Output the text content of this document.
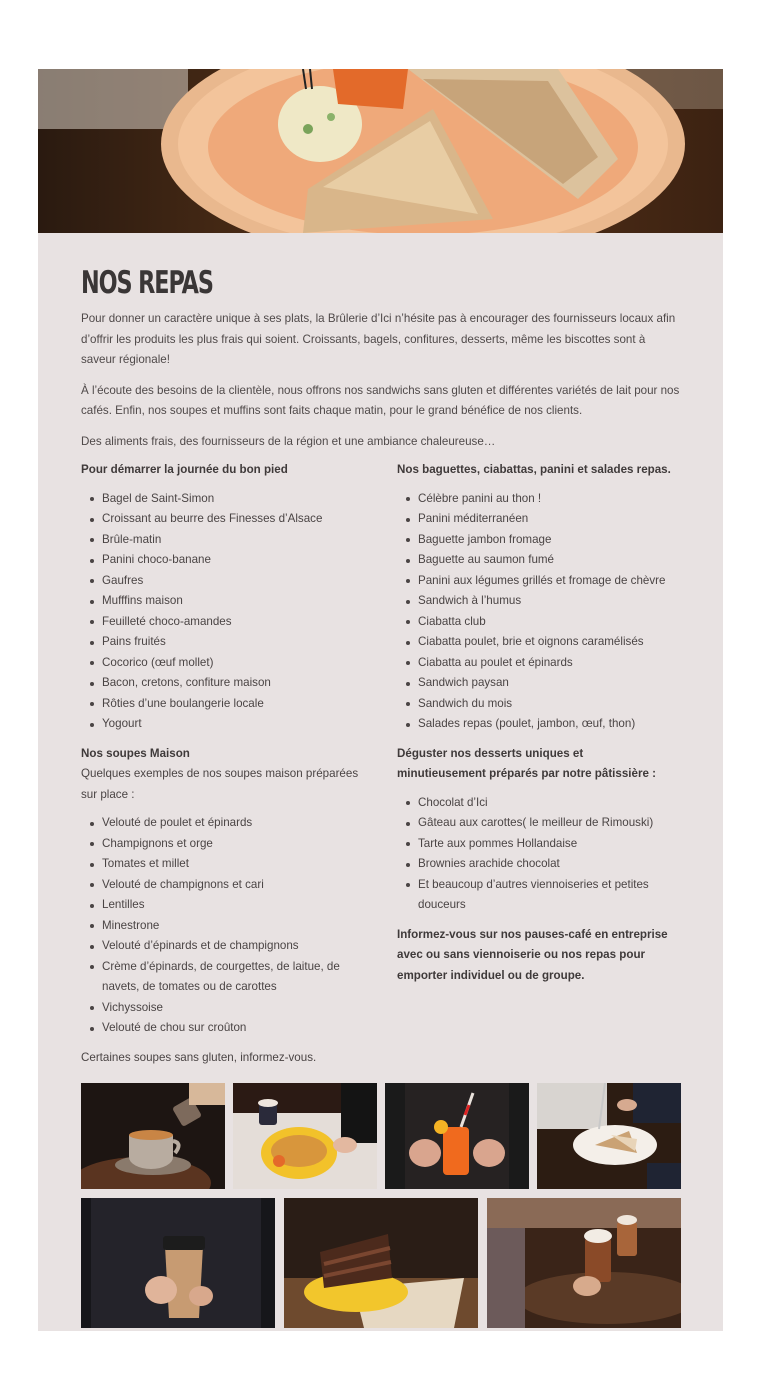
NOS REPAS

Pour donner un caractère unique à ses plats, la Brûlerie d’Ici n’hésite pas à encourager des fournisseurs locaux afin d’offrir les produits les plus frais qui soient. Croissants, bagels, confitures, desserts, même les biscottes sont à saveur régionale!

À l’écoute des besoins de la clientèle, nous offrons nos sandwichs sans gluten et différentes variétés de lait pour nos cafés. Enfin, nos soupes et muffins sont faits chaque matin, pour le grand bénéfice de nos clients.

Des aliments frais, des fournisseurs de la région et une ambiance chaleureuse…

Pour démarrer la journée du bon pied
Bagel de Saint-Simon
Croissant au beurre des Finesses d’Alsace
Brûle-matin
Panini choco-banane
Gaufres
Mufffins maison
Feuilleté choco-amandes
Pains fruités
Cocorico (œuf mollet)
Bacon, cretons, confiture maison
Rôties d’une boulangerie locale
Yogourt
Nos soupes Maison
Quelques exemples de nos soupes maison préparées sur place :
Velouté de poulet et épinards
Champignons et orge
Tomates et millet
Velouté de champignons et cari
Lentilles
Minestrone
Velouté d’épinards et de champignons
Crème d’épinards, de courgettes, de laitue, de navets, de tomates ou de carottes
Vichyssoise
Velouté de chou sur croûton
Certaines soupes sans gluten, informez-vous.
Nos baguettes, ciabattas, panini et salades repas.
Célèbre panini au thon !
Panini méditerranéen
Baguette jambon fromage
Baguette au saumon fumé
Panini aux légumes grillés et fromage de chèvre
Sandwich à l’humus
Ciabatta club
Ciabatta poulet, brie et oignons caramélisés
Ciabatta au poulet et épinards
Sandwich paysan
Sandwich du mois
Salades repas (poulet, jambon, œuf, thon)
Déguster nos desserts uniques et minutieusement préparés par notre pâtissière :
Chocolat d’Ici
Gâteau aux carottes( le meilleur de Rimouski)
Tarte aux pommes Hollandaise
Brownies arachide chocolat
Et beaucoup d’autres viennoiseries et petites douceurs
Informez-vous sur nos pauses-café en entreprise avec ou sans viennoiserie ou nos repas pour emporter individuel ou de groupe.
